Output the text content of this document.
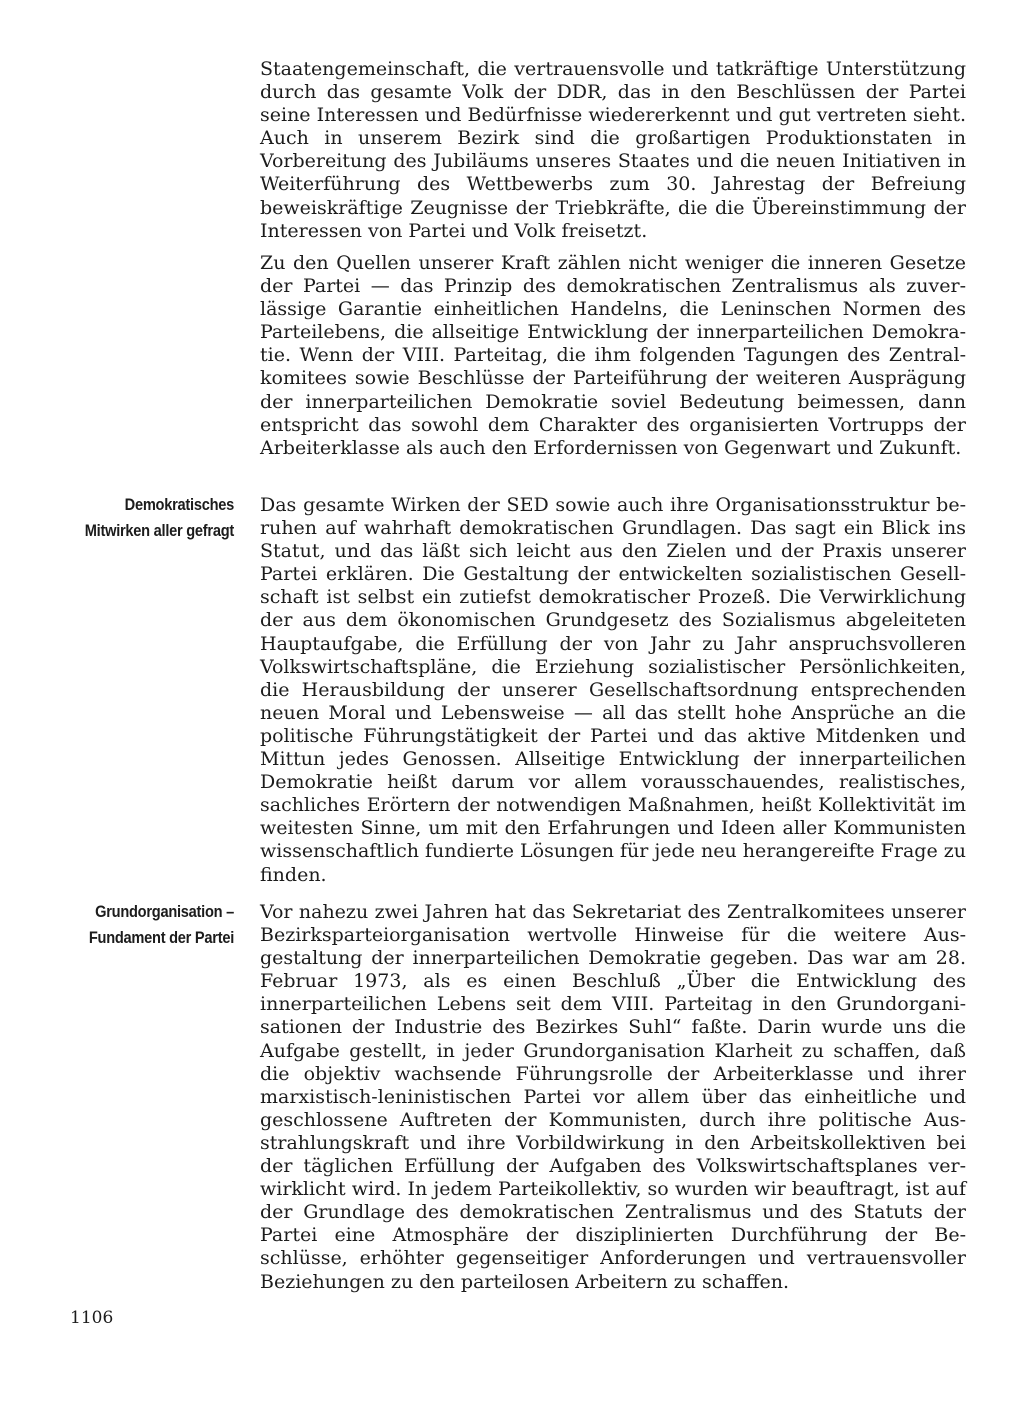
Demokratisches
Mitwirken aller gefragt
Grundorganisation –
Fundament der Partei

Staatengemeinschaft, die vertrauensvolle und tatkräftige Unterstützung durch das gesamte Volk der DDR, das in den Beschlüssen der Partei seine Interessen und Bedürfnisse wiedererkennt und gut vertreten sieht. Auch in unserem Bezirk sind die großartigen Produktionstaten in Vorbereitung des Jubiläums unseres Staates und die neuen Initiativen in Weiterführung des Wettbewerbs zum 30. Jahrestag der Befreiung beweiskräftige Zeugnisse der Triebkräfte, die die Übereinstimmung der Interessen von Partei und Volk freisetzt.

Zu den Quellen unserer Kraft zählen nicht weniger die inneren Gesetze der Partei — das Prinzip des demokratischen Zentralismus als zuverlässige Garantie einheitlichen Handelns, die Leninschen Normen des Parteilebens, die allseitige Entwicklung der innerparteilichen Demokratie. Wenn der VIII. Parteitag, die ihm folgenden Tagungen des Zentralkomitees sowie Beschlüsse der Parteiführung der weiteren Ausprägung der innerparteilichen Demokratie soviel Bedeutung beimessen, dann entspricht das sowohl dem Charakter des organisierten Vortrupps der Arbeiterklasse als auch den Erfordernissen von Gegenwart und Zukunft.

Das gesamte Wirken der SED sowie auch ihre Organisationsstruktur beruhen auf wahrhaft demokratischen Grundlagen. Das sagt ein Blick ins Statut, und das läßt sich leicht aus den Zielen und der Praxis unserer Partei erklären. Die Gestaltung der entwickelten sozialistischen Gesellschaft ist selbst ein zutiefst demokratischer Prozeß. Die Verwirklichung der aus dem ökonomischen Grundgesetz des Sozialismus abgeleiteten Hauptaufgabe, die Erfüllung der von Jahr zu Jahr anspruchsvolleren Volkswirtschaftspläne, die Erziehung sozialistischer Persönlichkeiten, die Herausbildung der unserer Gesellschaftsordnung entsprechenden neuen Moral und Lebensweise — all das stellt hohe Ansprüche an die politische Führungstätigkeit der Partei und das aktive Mitdenken und Mittun jedes Genossen. Allseitige Entwicklung der innerparteilichen Demokratie heißt darum vor allem vorausschauendes, realistisches, sachliches Erörtern der notwendigen Maßnahmen, heißt Kollektivität im weitesten Sinne, um mit den Erfahrungen und Ideen aller Kommunisten wissenschaftlich fundierte Lösungen für jede neu herangereifte Frage zu finden.

Vor nahezu zwei Jahren hat das Sekretariat des Zentralkomitees unserer Bezirksparteiorganisation wertvolle Hinweise für die weitere Ausgestaltung der innerparteilichen Demokratie gegeben. Das war am 28. Februar 1973, als es einen Beschluß „Über die Entwicklung des innerparteilichen Lebens seit dem VIII. Parteitag in den Grundorganisationen der Industrie des Bezirkes Suhl“ faßte. Darin wurde uns die Aufgabe gestellt, in jeder Grundorganisation Klarheit zu schaffen, daß die objektiv wachsende Führungsrolle der Arbeiterklasse und ihrer marxistisch-leninistischen Partei vor allem über das einheitliche und geschlossene Auftreten der Kommunisten, durch ihre politische Ausstrahlungskraft und ihre Vorbildwirkung in den Arbeitskollektiven bei der täglichen Erfüllung der Aufgaben des Volkswirtschaftsplanes verwirklicht wird. In jedem Parteikollektiv, so wurden wir beauftragt, ist auf der Grundlage des demokratischen Zentralismus und des Statuts der Partei eine Atmosphäre der disziplinierten Durchführung der Beschlüsse, erhöhter gegenseitiger Anforderungen und vertrauensvoller Beziehungen zu den parteilosen Arbeitern zu schaffen.

1106
